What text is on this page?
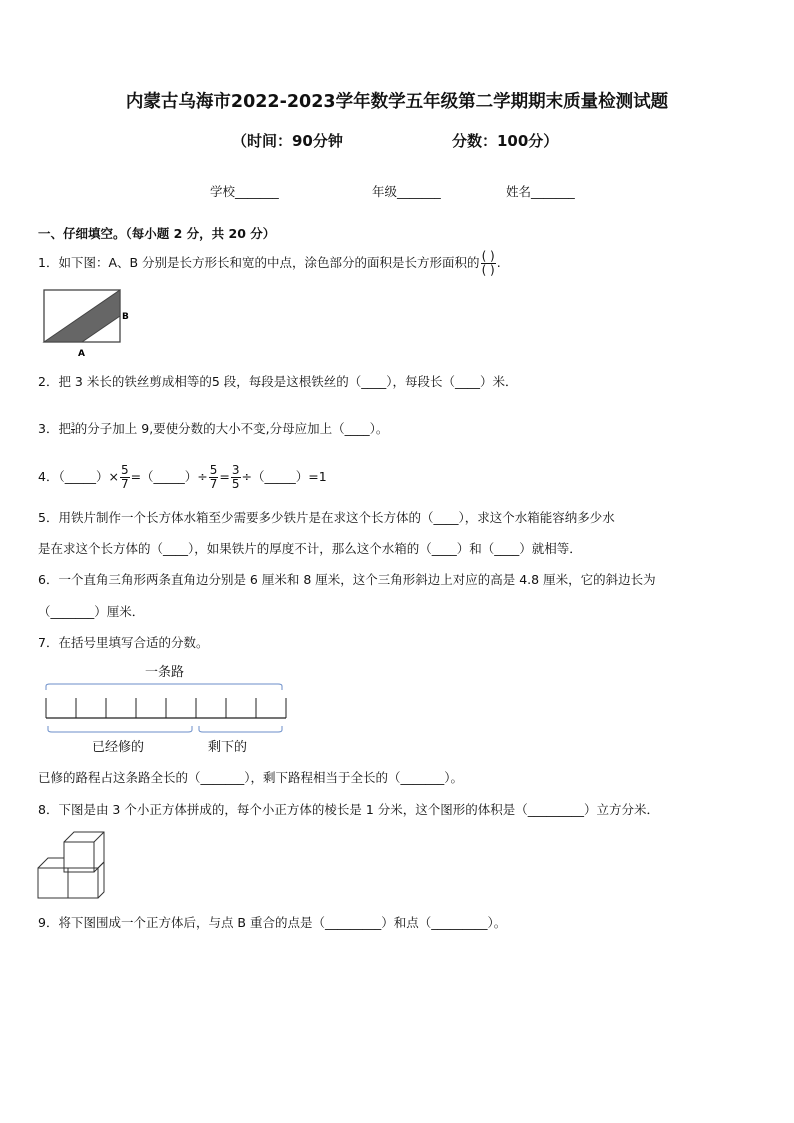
内蒙古乌海市2022-2023学年数学五年级第二学期期末质量检测试题
（时间：90分钟	分数：100分）
学校_______	年级_______	姓名_______
一、仔细填空。（每小题 2 分，共 20 分）
1．如下图：A、B 分别是长方形长和宽的中点，涂色部分的面积是长方形面积的 $\frac{( )}{( )}$ .
B
A
2．把 3 米长的铁丝剪成相等的5 段，每段是这根铁丝的（____），每段长（____）米．
3．把 $\frac{3}{4}$ 的分子加上 9,要使分数的大小不变,分母应加上（____）。
4．（_____）× $\frac{5}{7}$ =（_____）÷ $\frac{5}{7} = \frac{3}{5}$ ÷（_____）=1
5．用铁片制作一个长方体水箱至少需要多少铁片是在求这个长方体的（____），求这个水箱能容纳多少水
是在求这个长方体的（____），如果铁片的厚度不计，那么这个水箱的（____）和（____）就相等．
6．一个直角三角形两条直角边分别是 6 厘米和 8 厘米，这个三角形斜边上对应的高是 4.8 厘米，它的斜边长为
（_______）厘米．
7．在括号里填写合适的分数。
一条路
已经修的	剩下的
已修的路程占这条路全长的（_______），剩下路程相当于全长的（_______）。
8．下图是由 3 个小正方体拼成的，每个小正方体的棱长是 1 分米，这个图形的体积是（_________）立方分米．
9．将下图围成一个正方体后，与点 B 重合的点是（_________）和点（_________）。
